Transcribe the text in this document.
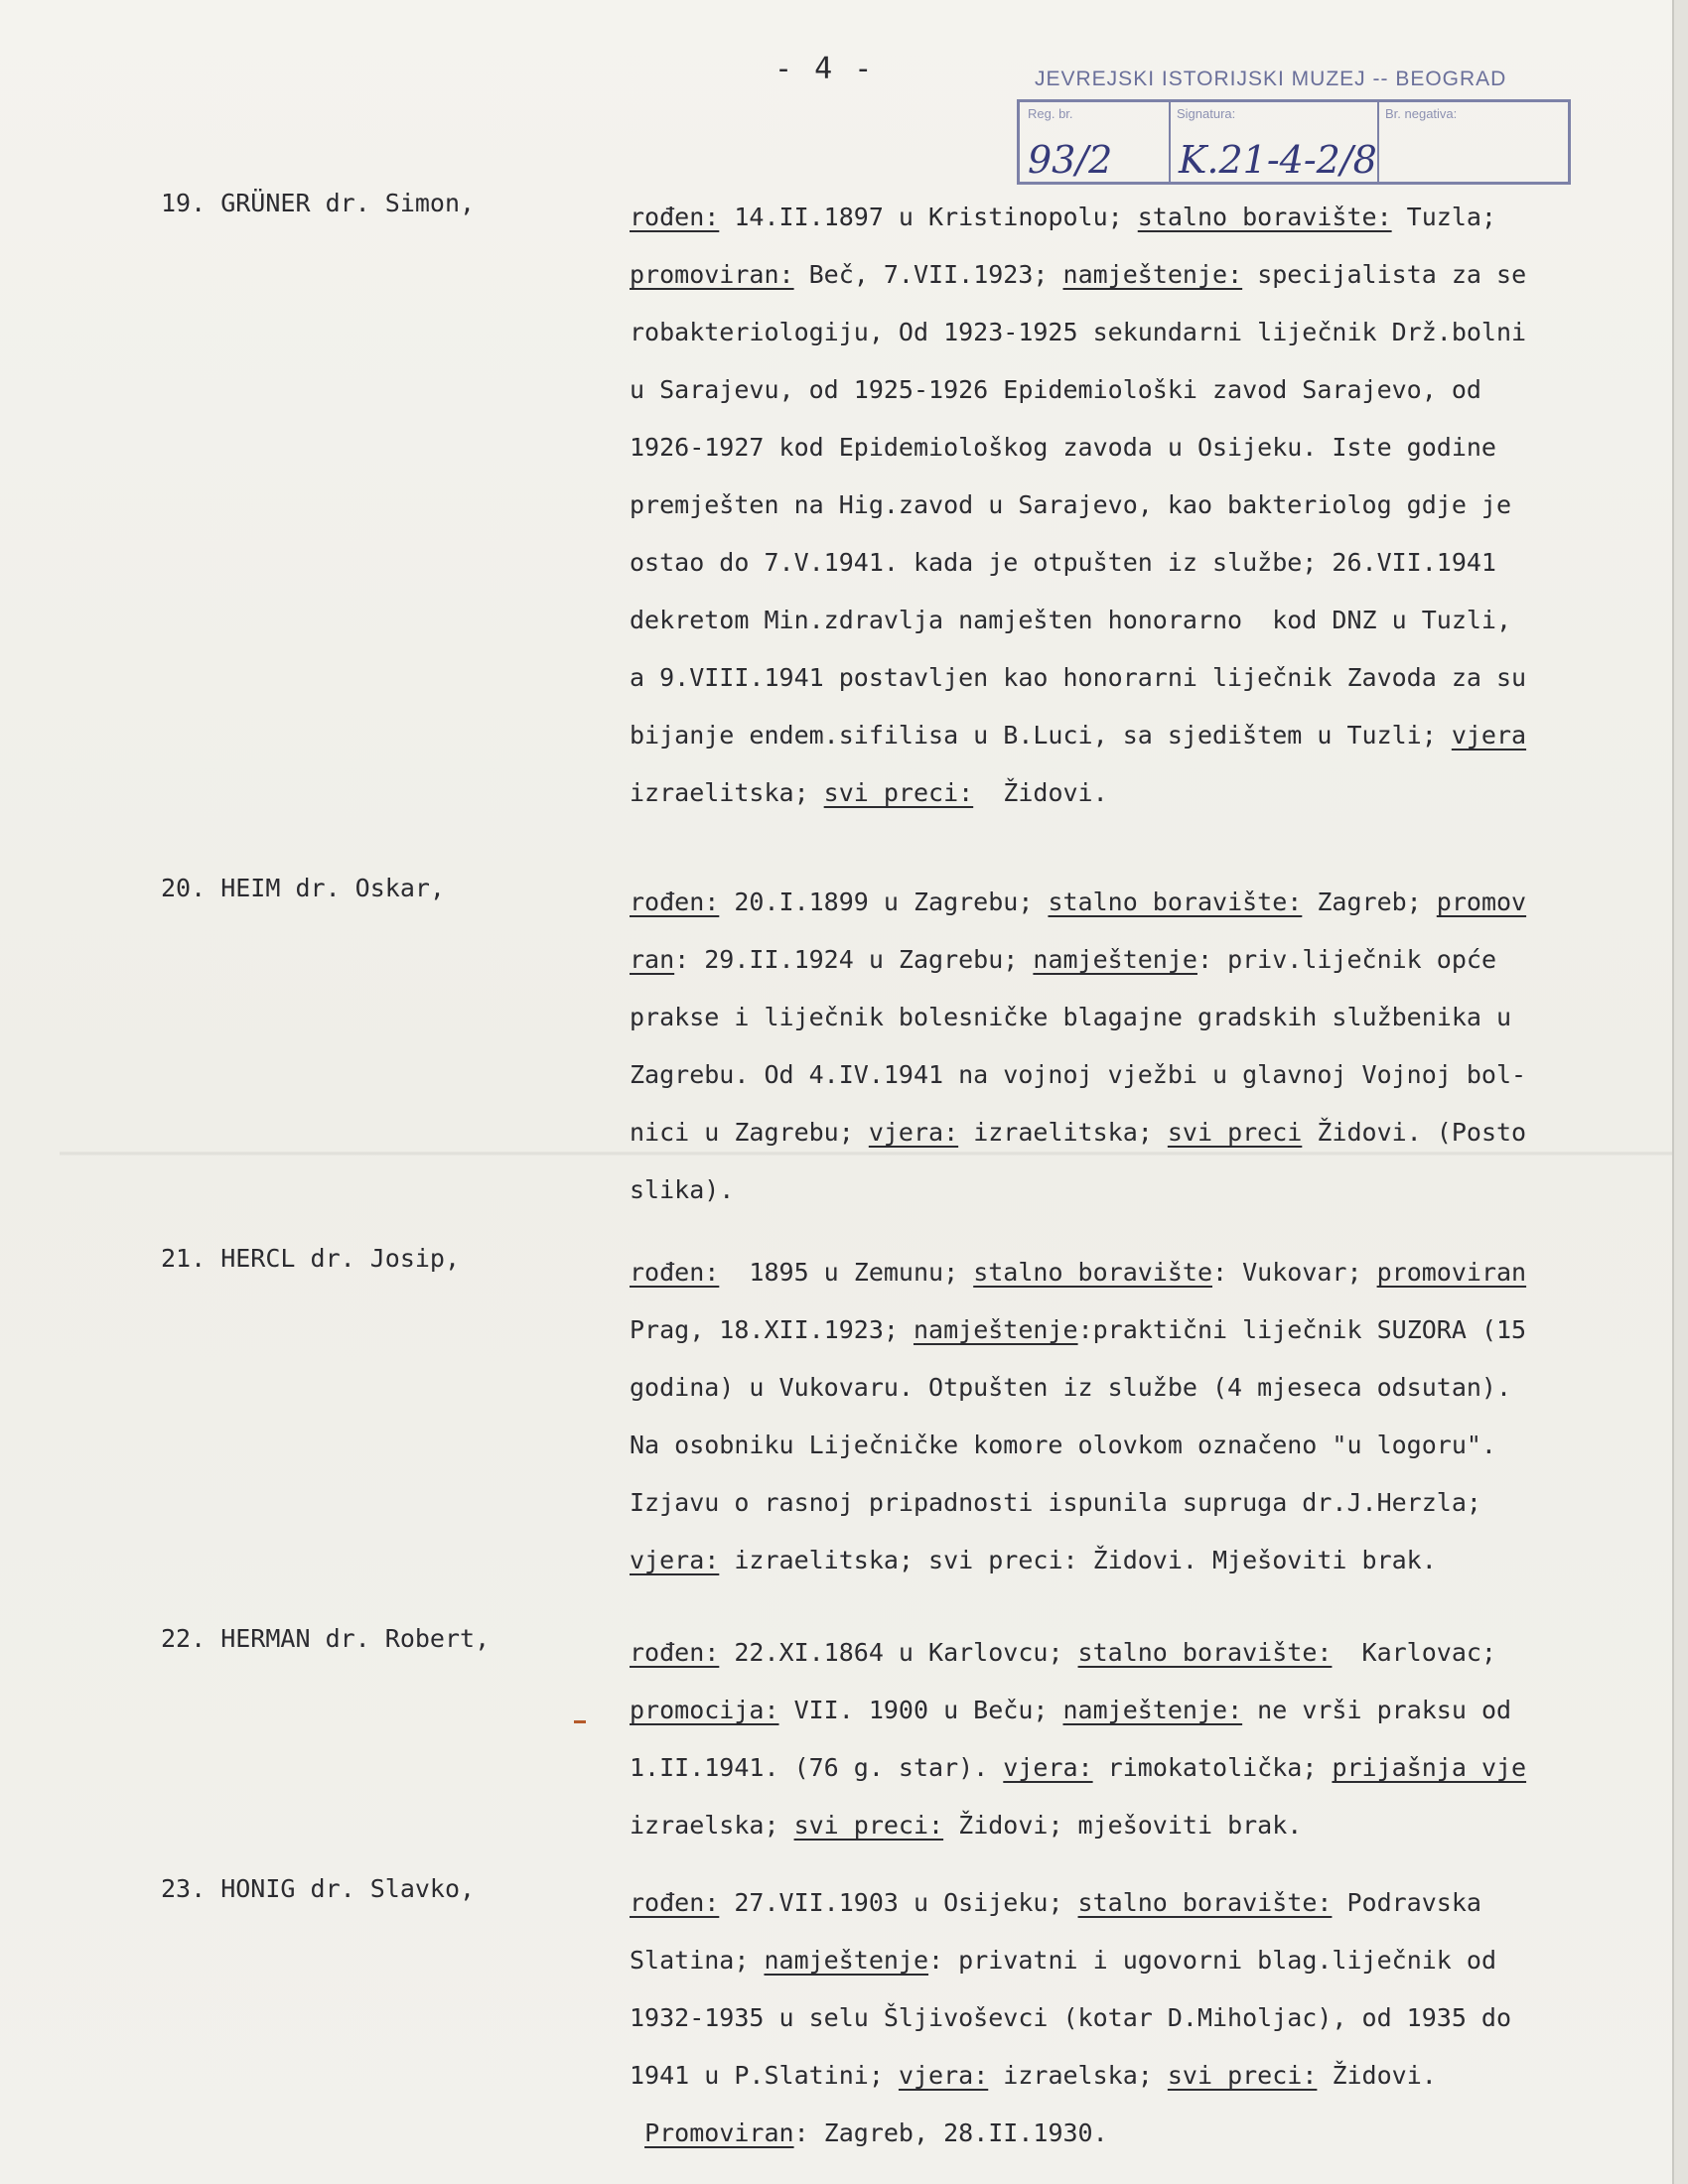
- 4 -	JEVREJSKI ISTORIJSKI MUZEJ -- BEOGRAD
Reg. br.	Signatura:	Br. negativa:
93/2 K.21-4-2/8
19. GRÜNER dr. Simon,	rođen: 14.II.1897 u Kristinopolu; stalno boravište: Tuzla;
promoviran: Beč, 7.VII.1923; namještenje: specijalista za se
robakteriologiju, Od 1923-1925 sekundarni liječnik Drž.bolni
u Sarajevu, od 1925-1926 Epidemiološki zavod Sarajevo, od
1926-1927 kod Epidemiološkog zavoda u Osijeku. Iste godine
premješten na Hig.zavod u Sarajevo, kao bakteriolog gdje je
ostao do 7.V.1941. kada je otpušten iz službe; 26.VII.1941
dekretom Min.zdravlja namješten honorarno  kod DNZ u Tuzli,
a 9.VIII.1941 postavljen kao honorarni liječnik Zavoda za su
bijanje endem.sifilisa u B.Luci, sa sjedištem u Tuzli; vjera
izraelitska; svi preci:  Židovi.
20. HEIM dr. Oskar,	rođen: 20.I.1899 u Zagrebu; stalno boravište: Zagreb; promov
ran: 29.II.1924 u Zagrebu; namještenje: priv.liječnik opće
prakse i liječnik bolesničke blagajne gradskih službenika u
Zagrebu. Od 4.IV.1941 na vojnoj vježbi u glavnoj Vojnoj bol-
nici u Zagrebu; vjera: izraelitska; svi preci Židovi. (Posto
slika).
21. HERCL dr. Josip,	rođen:  1895 u Zemunu; stalno boravište: Vukovar; promoviran
Prag, 18.XII.1923; namještenje:praktični liječnik SUZORA (15
godina) u Vukovaru. Otpušten iz službe (4 mjeseca odsutan).
Na osobniku Liječničke komore olovkom označeno "u logoru".
Izjavu o rasnoj pripadnosti ispunila supruga dr.J.Herzla;
vjera: izraelitska; svi preci: Židovi. Mješoviti brak.
22. HERMAN dr. Robert,	rođen: 22.XI.1864 u Karlovcu; stalno boravište:  Karlovac;
promocija: VII. 1900 u Beču; namještenje: ne vrši praksu od
1.II.1941. (76 g. star). vjera: rimokatolička; prijašnja vje
izraelska; svi preci: Židovi; mješoviti brak.
23. HONIG dr. Slavko,	rođen: 27.VII.1903 u Osijeku; stalno boravište: Podravska
Slatina; namještenje: privatni i ugovorni blag.liječnik od
1932-1935 u selu Šljivoševci (kotar D.Miholjac), od 1935 do
1941 u P.Slatini; vjera: izraelska; svi preci: Židovi.
Promoviran: Zagreb, 28.II.1930.
